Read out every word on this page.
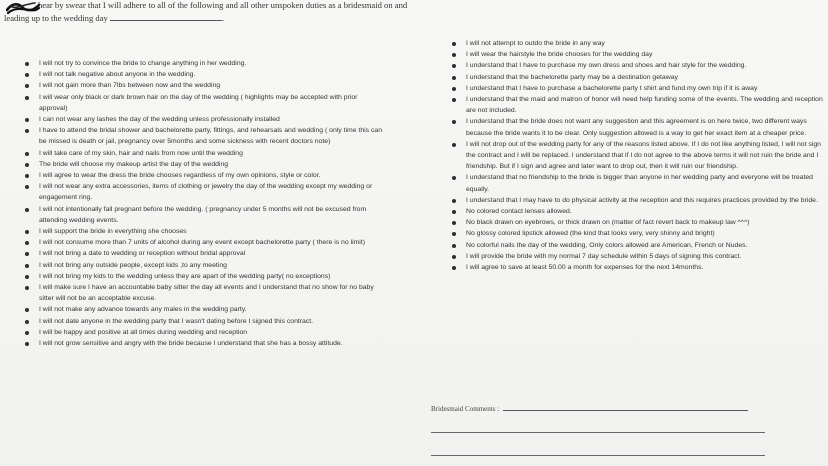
hear by swear that I will adhere to all of the following and all other unspoken duties as a bridesmaid on and leading up to the wedding day	.
I will not try to convince the bride to change anything in her wedding.
I will not talk negative about anyone in the wedding.
I will not gain more than 7lbs between now and the wedding
I will wear only black or dark brown hair on the day of the wedding ( highlights may be accepted with prior approval)
I can not wear any lashes the day of the wedding unless professionally installed
I have to attend the bridal shower and bachelorette party, fittings, and rehearsals and wedding ( only time this can be missed is death or jail, pregnancy over 5months and some sickness with recent doctors note)
I will take care of my skin, hair and nails from now until the wedding
The bride will choose my makeup artist the day of the wedding
I will agree to wear the dress the bride chooses regardless of my own opinions, style or color.
I will not wear any extra accessories, items of clothing or jewelry the day of the wedding except my wedding or engagement ring.
I will not intentionally fall pregnant before the wedding. ( pregnancy under 5 months will not be excused from attending wedding events.
I will support the bride in everything she chooses
I will not consume more than 7 units of alcohol during any event except bachelorette party ( there is no limit)
I will not bring a date to wedding or reception without bridal approval
I will not bring any outside people, except kids ,to any meeting
I will not bring my kids to the wedding unless they are apart of the wedding party( no exceptions)
I will make sure I have an accountable baby sitter the day all events and I understand that no show for no baby sitter will not be an acceptable excuse.
I will not make any advance towards any males in the wedding party.
I will not date anyone in the wedding party that I wasn't dating before I signed this contract.
I will be happy and positive at all times during wedding and reception
I will not grow sensitive and angry with the bride because I understand that she has a bossy attitude.
I will not attempt to outdo the bride in any way
I will wear the hairstyle the bride chooses for the wedding day
I understand that I have to purchase my own dress and shoes and hair style for the wedding.
I understand that the bachelorette party may be a destination getaway
I understand that I have to purchase a bachelorette party t shirt and fund my own trip if it is away
I understand that the maid and matron of honor will need help funding some of the events. The wedding and reception are not included.
I understand that the bride does not want any suggestion and this agreement is on here twice, two different ways because the bride wants it to be clear. Only suggestion allowed is a way to get her exact item at a cheaper price.
I will not drop out of the wedding party for any of the reasons listed above. If I do not like anything listed, I will not sign the contract and I will be replaced. I understand that if I do not agree to the above terms it will not ruin the bride and I friendship. But if I sign and agree and later want to drop out, then it will ruin our friendship.
I understand that no friendship to the bride is bigger than anyone in her wedding party and everyone will be treated equally.
I understand that I may have to do physical activity at the reception and this requires practices provided by the bride.
No colored contact lenses allowed.
No black drawn on eyebrows, or thick drawn on (matter of fact revert back to makeup law ^^^)
No glossy colored lipstick allowed (the kind that looks very, very shinny and bright)
No colorful nails the day of the wedding, Only colors allowed are American, French or Nudes.
I will provide the bride with my normal 7 day schedule within 5 days of signing this contract.
I will agree to save at least 50.00 a month for expenses for the next 14months.
Bridesmaid Comments :
